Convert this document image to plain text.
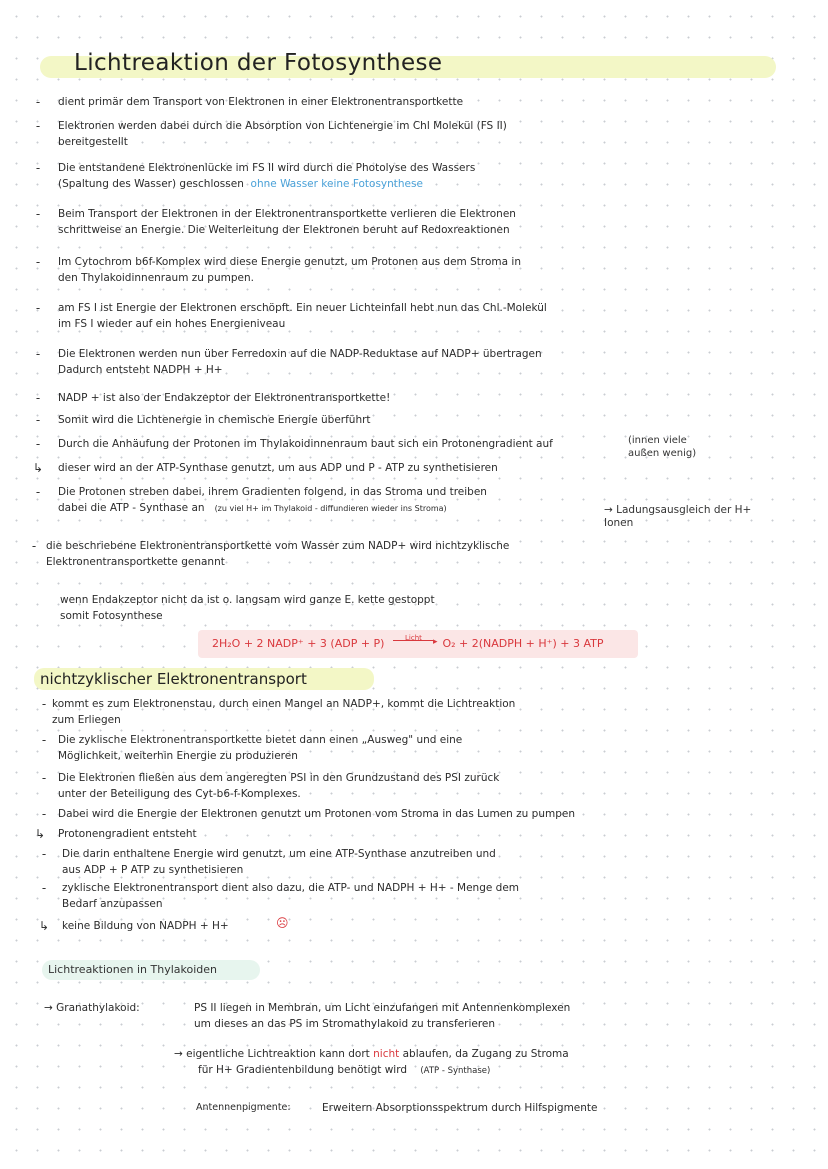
Lichtreaktion der Fotosynthese
-	dient primär dem Transport von Elektronen in einer Elektronentransportkette
-	Elektronen werden dabei durch die Absorption von Lichtenergie im Chl Molekül (FS II)
bereitgestellt
-	Die entstandene Elektronenlücke im FS II wird durch die Photolyse des Wassers
(Spaltung des Wasser) geschlossen ohne Wasser keine Fotosynthese
-	Beim Transport der Elektronen in der Elektronentransportkette verlieren die Elektronen
schrittweise an Energie. Die Weiterleitung der Elektronen beruht auf Redoxreaktionen
-	Im Cytochrom b6f-Komplex wird diese Energie genutzt, um Protonen aus dem Stroma in
den Thylakoidinnenraum zu pumpen.
-	am FS I ist Energie der Elektronen erschöpft. Ein neuer Lichteinfall hebt nun das Chl.-Molekül
im FS I wieder auf ein hohes Energieniveau
-	Die Elektronen werden nun über Ferredoxin auf die NADP-Reduktase auf NADP+ übertragen
Dadurch entsteht NADPH + H+
-	NADP + ist also der Endakzeptor der Elektronentransportkette!
-	Somit wird die Lichtenergie in chemische Energie überführt
-	Durch die Anhäufung der Protonen im Thylakoidinnenraum baut sich ein Protonengradient auf	(innen viele außen wenig)
↳ dieser wird an der ATP-Synthase genutzt, um aus ADP und P - ATP zu synthetisieren
-	Die Protonen streben dabei, ihrem Gradienten folgend, in das Stroma und treiben
dabei die ATP - Synthase an (zu viel H+ im Thylakoid - diffundieren wieder ins Stroma)	→ Ladungsausgleich der H+ Ionen
- die beschriebene Elektronentransportkette vom Wasser zum NADP+ wird nichtzyklische
Elektronentransportkette genannt
wenn Endakzeptor nicht da ist o. langsam wird ganze E. kette gestoppt
somit Fotosynthese
2H₂O + 2 NADP⁺ + 3 (ADP + P)	$^{Licht}$ ▸ O₂ + 2(NADPH + H⁺) + 3 ATP
nichtzyklischer Elektronentransport
- kommt es zum Elektronenstau, durch einen Mangel an NADP+, kommt die Lichtreaktion
zum Erliegen
-	Die zyklische Elektronentransportkette bietet dann einen „Ausweg" und eine
Möglichkeit, weiterhin Energie zu produzieren
-	Die Elektronen fließen aus dem angeregten PSI in den Grundzustand des PSI zurück
unter der Beteiligung des Cyt-b6-f-Komplexes.
-	Dabei wird die Energie der Elektronen genutzt um Protonen vom Stroma in das Lumen zu pumpen
↳ Protonengradient entsteht
-	Die darin enthaltene Energie wird genutzt, um eine ATP-Synthase anzutreiben und
aus ADP + P ATP zu synthetisieren
-	zyklische Elektronentransport dient also dazu, die ATP- und NADPH + H+ - Menge dem
Bedarf anzupassen
↳ keine Bildung von NADPH + H+	☹
Lichtreaktionen in Thylakoiden
→ Granathylakoid:	PS II liegen in Membran, um Licht einzufangen mit Antennenkomplexen
um dieses an das PS im Stromathylakoid zu transferieren
→ eigentliche Lichtreaktion kann dort nicht ablaufen, da Zugang zu Stroma
für H+ Gradientenbildung benötigt wird (ATP - Synthase)
Antennenpigmente:	Erweitern Absorptionsspektrum durch Hilfspigmente
